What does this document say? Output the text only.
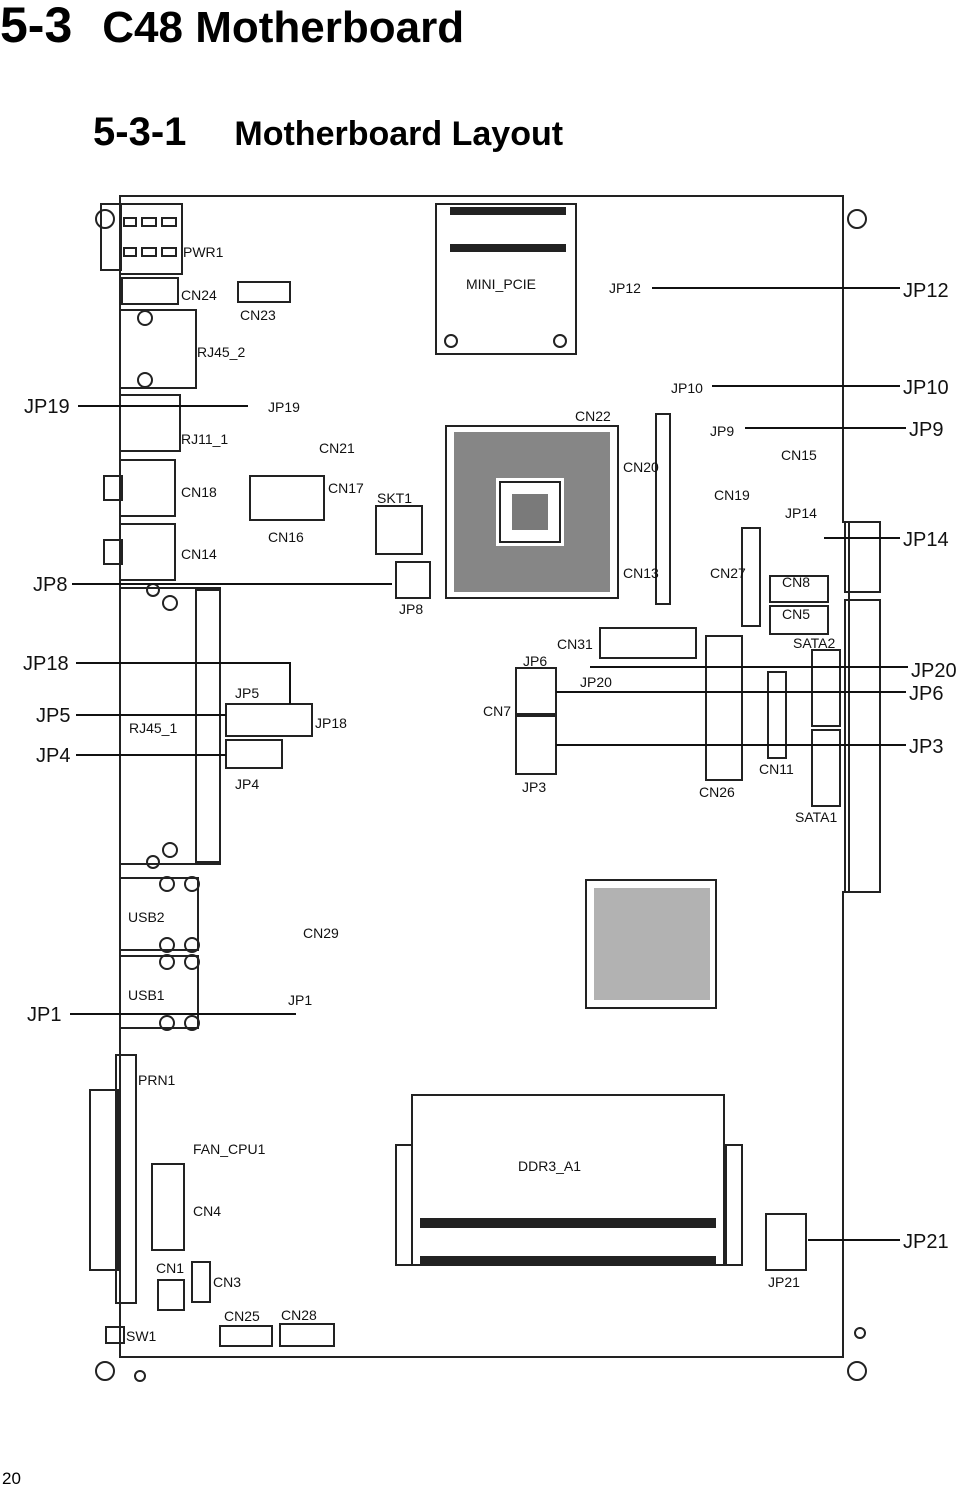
5-3 C48 Motherboard
5-3-1 Motherboard Layout
PWR1
CN24
CN23
RJ45_2
JP19
RJ11_1
CN21
CN18	CN17
CN16
SKT1
CN14
JP8
MINI_PCIE	JP12
CN22
JP10
JP9
CN20
CN19
CN15
JP14
CN13	CN27
CN8
CN5
CN31	SATA2
JP6
JP20
CN7
JP5
RJ45_1	JP18
JP4	JP3	CN26
CN11
SATA1
USB2
CN29
USB1	JP1
PRN1
FAN_CPU1
CN4
DDR3_A1
CN1
CN3	JP21
CN25 CN28
SW1
JP19
JP8
JP18
JP5
JP4
JP1
JP12
JP10
JP9
JP14
JP20
JP6
JP3
JP21
20
